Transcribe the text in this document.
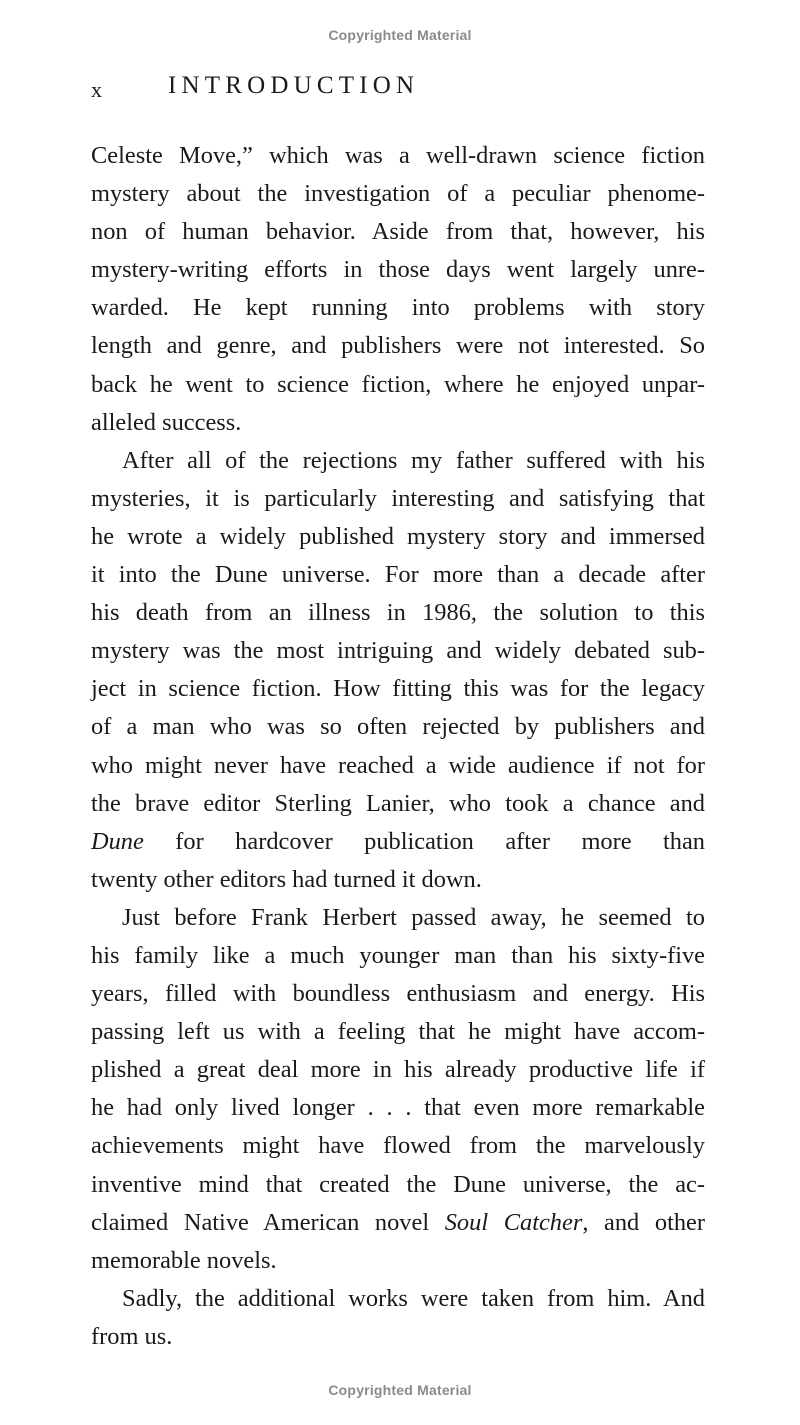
Copyrighted Material
x	INTRODUCTION
Celeste Move,” which was a well-drawn science fiction
mystery about the investigation of a peculiar phenome-
non of human behavior. Aside from that, however, his
mystery-writing efforts in those days went largely unre-
warded. He kept running into problems with story
length and genre, and publishers were not interested. So
back he went to science fiction, where he enjoyed unpar-
alleled success.
After all of the rejections my father suffered with his
mysteries, it is particularly interesting and satisfying that
he wrote a widely published mystery story and immersed
it into the Dune universe. For more than a decade after
his death from an illness in 1986, the solution to this
mystery was the most intriguing and widely debated sub-
ject in science fiction. How fitting this was for the legacy
of a man who was so often rejected by publishers and
who might never have reached a wide audience if not for
the brave editor Sterling Lanier, who took a chance and
Dune for hardcover publication after more than
twenty other editors had turned it down.
Just before Frank Herbert passed away, he seemed to
his family like a much younger man than his sixty-five
years, filled with boundless enthusiasm and energy. His
passing left us with a feeling that he might have accom-
plished a great deal more in his already productive life if
he had only lived longer . . . that even more remarkable
achievements might have flowed from the marvelously
inventive mind that created the Dune universe, the ac-
claimed Native American novel Soul Catcher, and other
memorable novels.
Sadly, the additional works were taken from him. And
from us.
Copyrighted Material
